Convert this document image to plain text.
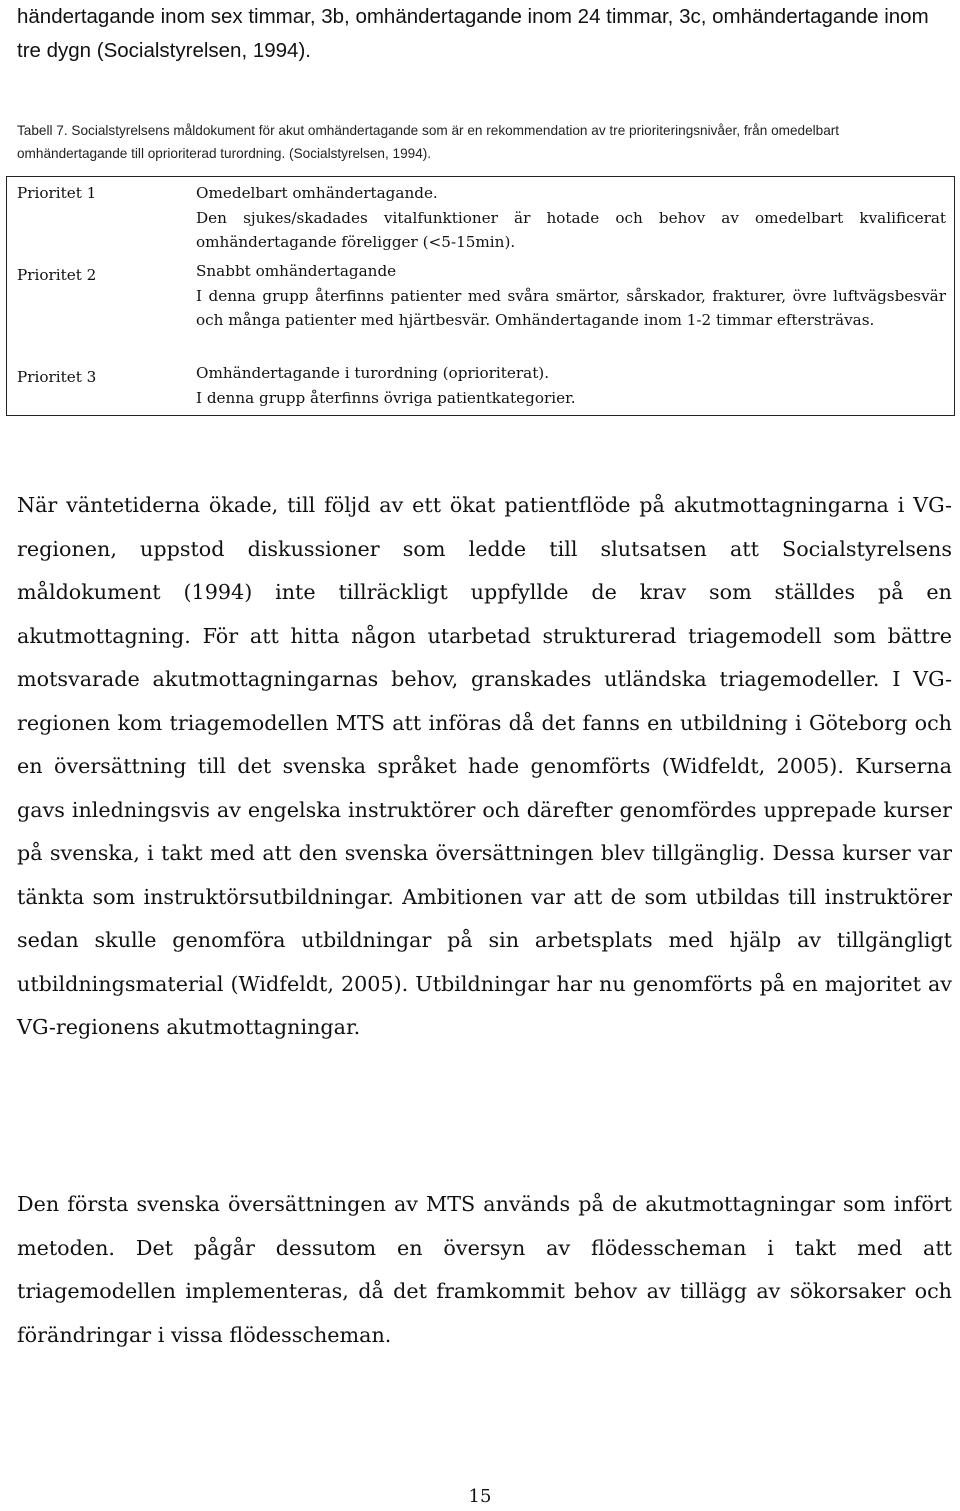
händertagande inom sex timmar, 3b, omhändertagande inom 24 timmar, 3c, omhändertagande inom tre dygn (Socialstyrelsen, 1994).
Tabell 7. Socialstyrelsens måldokument för akut omhändertagande som är en rekommendation av tre prioriteringsnivåer, från omedelbart omhändertagande till oprioriterad turordning. (Socialstyrelsen, 1994).
Prioritet 1	Omedelbart omhändertagande.

Den sjukes/skadades vitalfunktioner är hotade och behov av omedelbart kvalificerat omhändertagande föreligger (<5-15min).

Prioritet 2	Snabbt omhändertagande

I denna grupp återfinns patienter med svåra smärtor, sårskador, frakturer, övre luftvägsbesvär och många patienter med hjärtbesvär. Omhändertagande inom 1-2 timmar eftersträvas.

Prioritet 3	Omhändertagande i turordning (oprioriterat).

I denna grupp återfinns övriga patientkategorier.

När väntetiderna ökade, till följd av ett ökat patientflöde på akutmottagningarna i VG-regionen, uppstod diskussioner som ledde till slutsatsen att Socialstyrelsens måldokument (1994) inte tillräckligt uppfyllde de krav som ställdes på en akutmottagning. För att hitta någon utarbetad strukturerad triagemodell som bättre motsvarade akutmottagningarnas behov, granskades utländska triagemodeller. I VG-regionen kom triagemodellen MTS att införas då det fanns en utbildning i Göteborg och en översättning till det svenska språket hade genomförts (Widfeldt, 2005). Kurserna gavs inledningsvis av engelska instruktörer och därefter genomfördes upprepade kurser på svenska, i takt med att den svenska översättningen blev tillgänglig. Dessa kurser var tänkta som instruktörsutbildningar. Ambitionen var att de som utbildas till instruktörer sedan skulle genomföra utbildningar på sin arbetsplats med hjälp av tillgängligt utbildningsmaterial (Widfeldt, 2005). Utbildningar har nu genomförts på en majoritet av VG-regionens akutmottagningar.

Den första svenska översättningen av MTS används på de akutmottagningar som infört metoden. Det pågår dessutom en översyn av flödesscheman i takt med att triagemodellen implementeras, då det framkommit behov av tillägg av sökorsaker och förändringar i vissa flödesscheman.

15
